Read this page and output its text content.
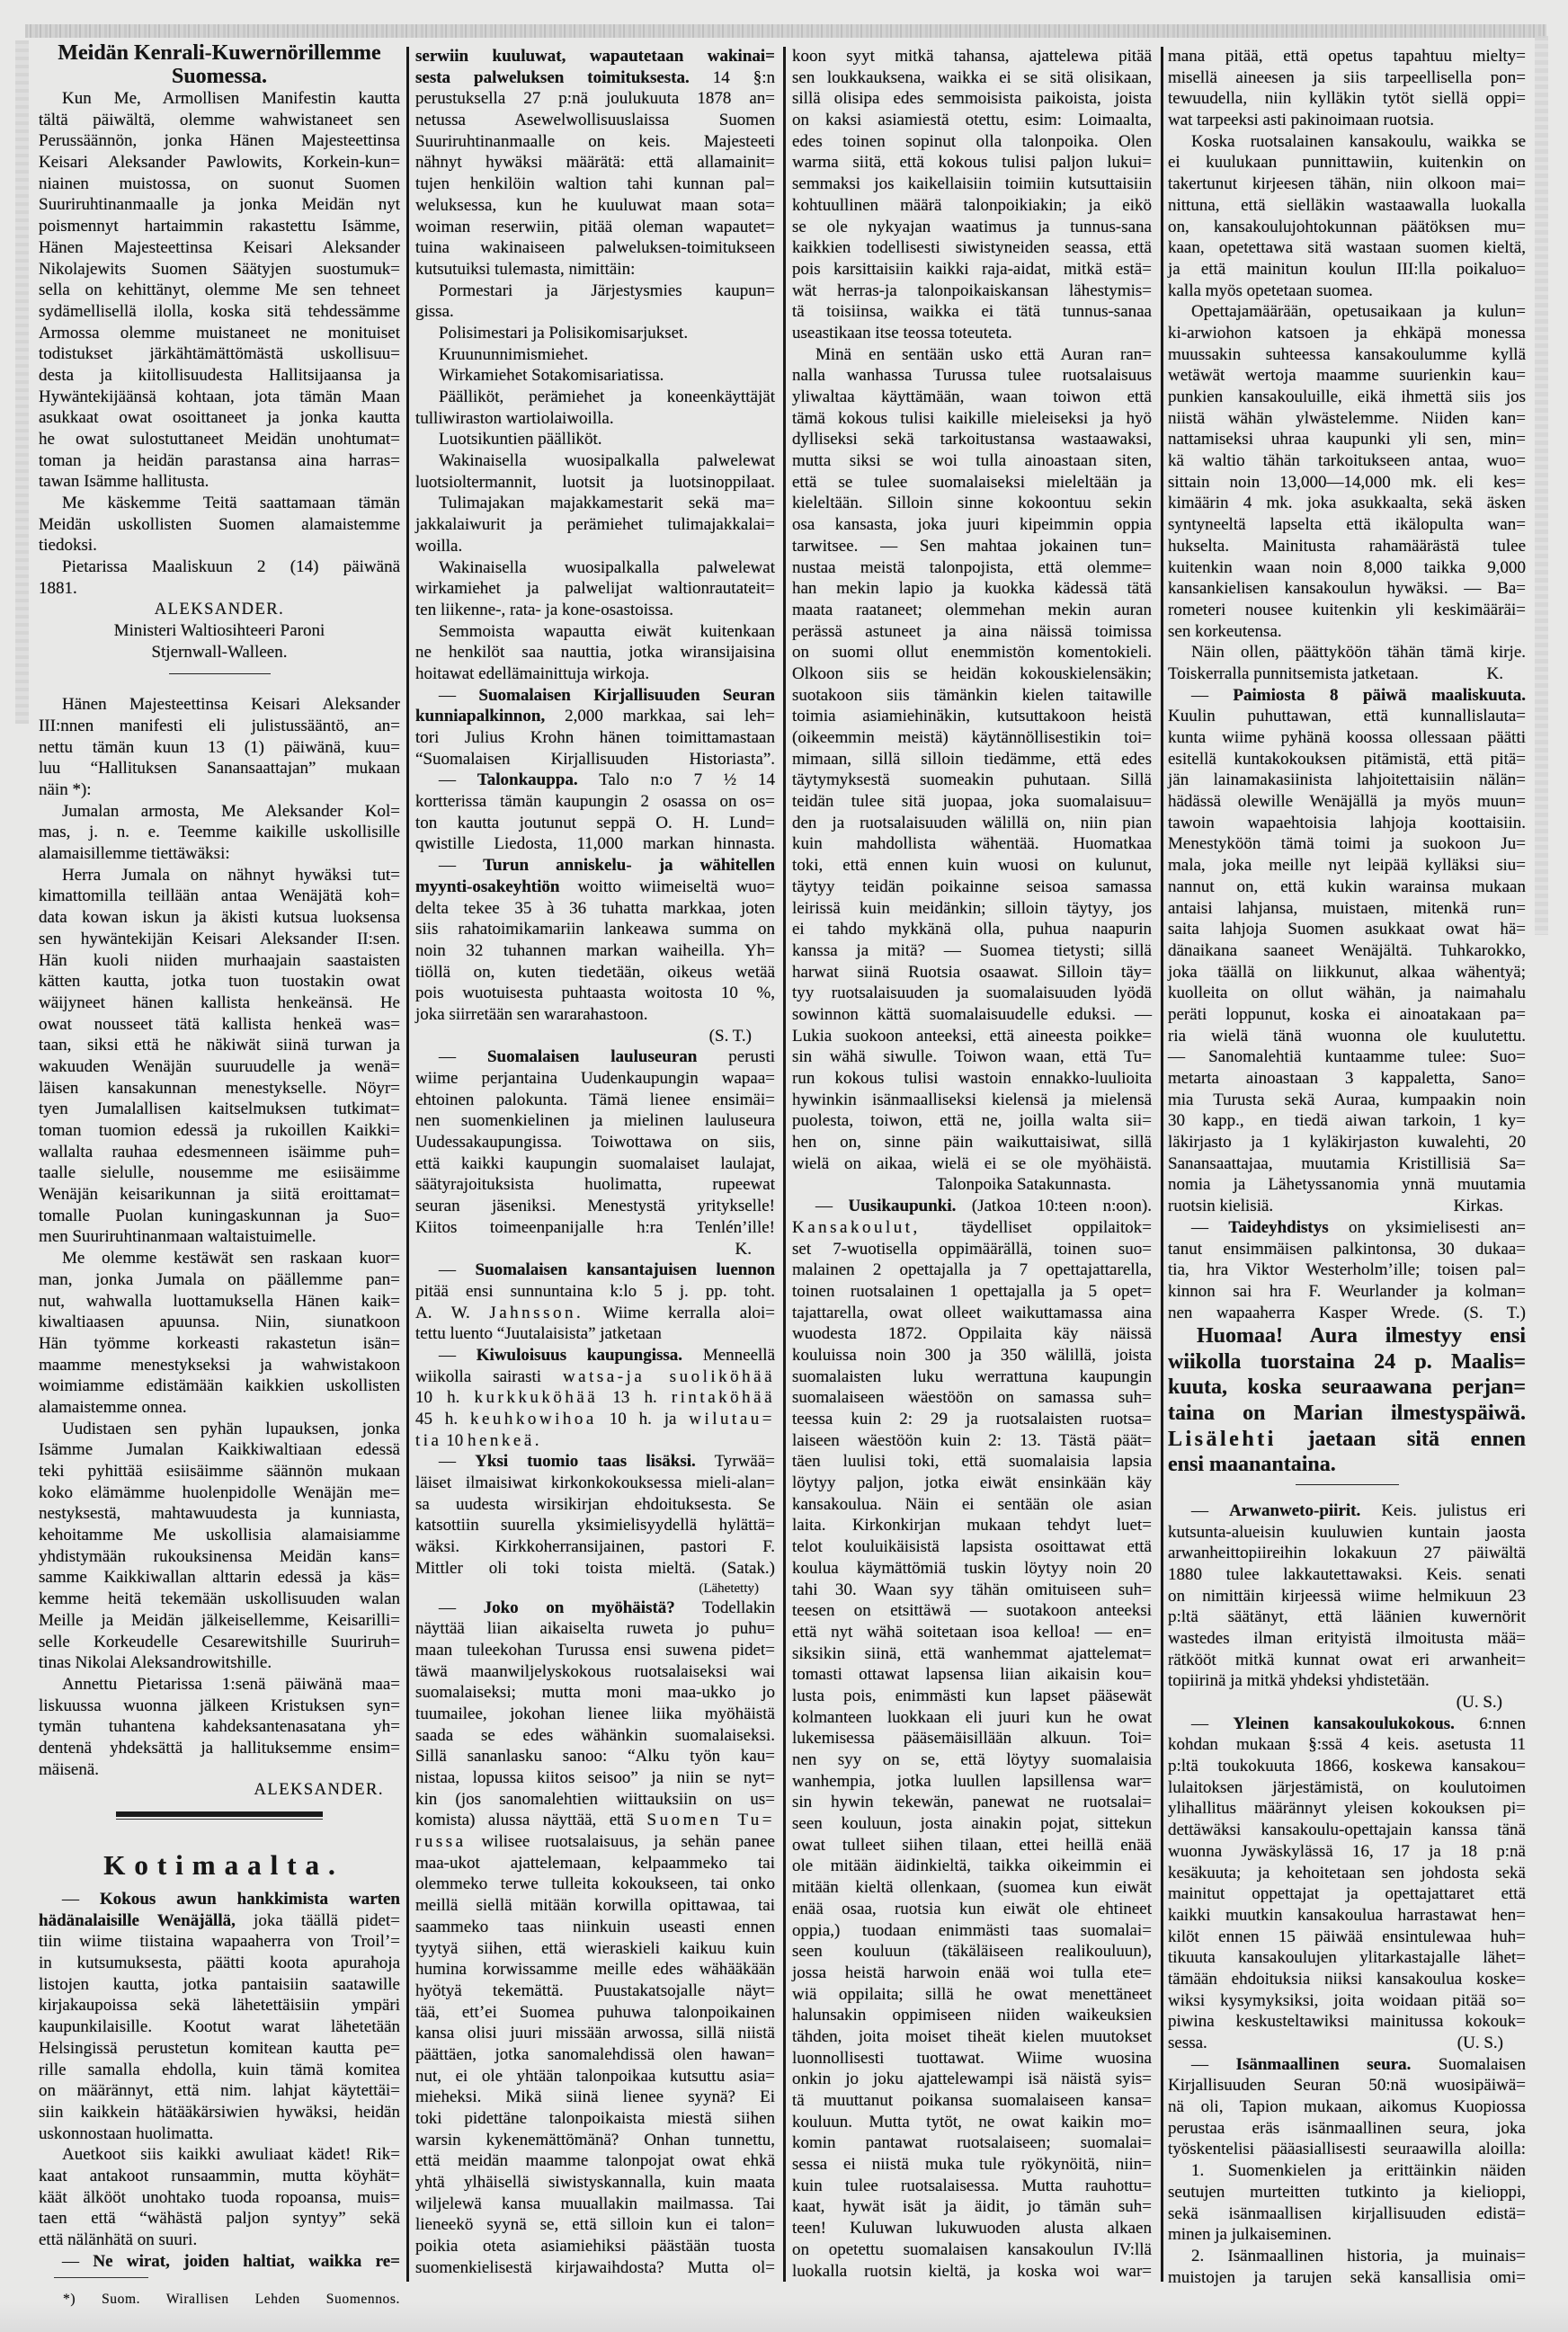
Meidän Kenrali-Kuwernörillemme
Suomessa.
Kun Me, Armollisen Manifestin kautta
tältä päiwältä, olemme wahwistaneet sen
Perussäännön, jonka Hänen Majesteettinsa
Keisari Aleksander Pawlowits, Korkein-kun=
niainen muistossa, on suonut Suomen
Suuriruhtinanmaalle ja jonka Meidän nyt
poismennyt hartaimmin rakastettu Isämme,
Hänen Majesteettinsa Keisari Aleksander
Nikolajewits Suomen Säätyjen suostumuk=
sella on kehittänyt, olemme Me sen tehneet
sydämellisellä ilolla, koska sitä tehdessämme
Armossa olemme muistaneet ne monituiset
todistukset järkähtämättömästä uskollisuu=
desta ja kiitollisuudesta Hallitsijaansa ja
Hywäntekijäänsä kohtaan, jota tämän Maan
asukkaat owat osoittaneet ja jonka kautta
he owat sulostuttaneet Meidän unohtumat=
toman ja heidän parastansa aina harras=
tawan Isämme hallitusta.
Me käskemme Teitä saattamaan tämän
Meidän uskollisten Suomen alamaistemme
tiedoksi.
Pietarissa Maaliskuun 2 (14) päiwänä
1881.
ALEKSANDER.
Ministeri Waltiosihteeri Paroni
Stjernwall-Walleen.
Hänen Majesteettinsa Keisari Aleksander
III:nnen manifesti eli julistussääntö, an=
nettu tämän kuun 13 (1) päiwänä, kuu=
luu “Hallituksen Sanansaattajan” mukaan
näin *):
Jumalan armosta, Me Aleksander Kol=
mas, j. n. e. Teemme kaikille uskollisille
alamaisillemme tiettäwäksi:
Herra Jumala on nähnyt hywäksi tut=
kimattomilla teillään antaa Wenäjätä koh=
data kowan iskun ja äkisti kutsua luoksensa
sen hywäntekijän Keisari Aleksander II:sen.
Hän kuoli niiden murhaajain saastaisten
kätten kautta, jotka tuon tuostakin owat
wäijyneet hänen kallista henkeänsä. He
owat nousseet tätä kallista henkeä was=
taan, siksi että he näkiwät siinä turwan ja
wakuuden Wenäjän suuruudelle ja wenä=
läisen kansakunnan menestykselle. Nöyr=
tyen Jumalallisen kaitselmuksen tutkimat=
toman tuomion edessä ja rukoillen Kaikki=
wallalta rauhaa edesmenneen isäimme puh=
taalle sielulle, nousemme me esiisäimme
Wenäjän keisarikunnan ja siitä eroittamat=
tomalle Puolan kuningaskunnan ja Suo=
men Suuriruhtinanmaan waltaistuimelle.
Me olemme kestäwät sen raskaan kuor=
man, jonka Jumala on päällemme pan=
nut, wahwalla luottamuksella Hänen kaik=
kiwaltiaasen apuunsa. Niin, siunatkoon
Hän työmme korkeasti rakastetun isän=
maamme menestykseksi ja wahwistakoon
woimiamme edistämään kaikkien uskollisten
alamaistemme onnea.
Uudistaen sen pyhän lupauksen, jonka
Isämme Jumalan Kaikkiwaltiaan edessä
teki pyhittää esiisäimme säännön mukaan
koko elämämme huolenpidolle Wenäjän me=
nestyksestä, mahtawuudesta ja kunniasta,
kehoitamme Me uskollisia alamaisiamme
yhdistymään rukouksinensa Meidän kans=
samme Kaikkiwallan alttarin edessä ja käs=
kemme heitä tekemään uskollisuuden walan
Meille ja Meidän jälkeisellemme, Keisarilli=
selle Korkeudelle Cesarewitshille Suuriruh=
tinas Nikolai Aleksandrowitshille.
Annettu Pietarissa 1:senä päiwänä maa=
liskuussa wuonna jälkeen Kristuksen syn=
tymän tuhantena kahdeksantenasatana yh=
dentenä yhdeksättä ja hallituksemme ensim=
mäisenä.
ALEKSANDER.
Kotimaalta.
— Kokous awun hankkimista warten
hädänalaisille Wenäjällä, joka täällä pidet=
tiin wiime tiistaina wapaaherra von Troil’=
in kutsumuksesta, päätti koota apurahoja
listojen kautta, jotka pantaisiin saatawille
kirjakaupoissa sekä lähetettäisiin ympäri
kaupunkilaisille. Kootut warat lähetetään
Helsingissä perustetun komitean kautta pe=
rille samalla ehdolla, kuin tämä komitea
on määrännyt, että nim. lahjat käytettäi=
siin kaikkein hätääkärsiwien hywäksi, heidän
uskonnostaan huolimatta.
Auetkoot siis kaikki awuliaat kädet! Rik=
kaat antakoot runsaammin, mutta köyhät=
käät älkööt unohtako tuoda ropoansa, muis=
taen että “wähästä paljon syntyy” sekä
että nälänhätä on suuri.
— Ne wirat, joiden haltiat, waikka re=
*) Suom. Wirallisen Lehden Suomennos.
serwiin kuuluwat, wapautetaan wakinai=
sesta palweluksen toimituksesta. 14 §:n
perustuksella 27 p:nä joulukuuta 1878 an=
netussa Asewelwollisuuslaissa Suomen
Suuriruhtinanmaalle on keis. Majesteeti
nähnyt hywäksi määrätä: että allamainit=
tujen henkilöin waltion tahi kunnan pal=
weluksessa, kun he kuuluwat maan sota=
woiman reserwiin, pitää oleman wapautet=
tuina wakinaiseen palweluksen-toimitukseen
kutsutuiksi tulemasta, nimittäin:
Pormestari ja Järjestysmies kaupun=
gissa.
Polisimestari ja Polisikomisarjukset.
Kruununnimismiehet.
Wirkamiehet Sotakomisariatissa.
Päälliköt, perämiehet ja koneenkäyttäjät
tulliwiraston wartiolaiwoilla.
Luotsikuntien päälliköt.
Wakinaisella wuosipalkalla palwelewat
luotsioltermannit, luotsit ja luotsinoppilaat.
Tulimajakan majakkamestarit sekä ma=
jakkalaiwurit ja perämiehet tulimajakkalai=
woilla.
Wakinaisella wuosipalkalla palwelewat
wirkamiehet ja palwelijat waltionrautateit=
ten liikenne-, rata- ja kone-osastoissa.
Semmoista wapautta eiwät kuitenkaan
ne henkilöt saa nauttia, jotka wiransijaisina
hoitawat edellämainittuja wirkoja.
— Suomalaisen Kirjallisuuden Seuran
kunniapalkinnon, 2,000 markkaa, sai leh=
tori Julius Krohn hänen toimittamastaan
“Suomalaisen Kirjallisuuden Historiasta”.
— Talonkauppa. Talo n:o 7 ½ 14
kortterissa tämän kaupungin 2 osassa on os=
ton kautta joutunut seppä O. H. Lund=
qwistille Liedosta, 11,000 markan hinnasta.
— Turun anniskelu- ja wähitellen
myynti-osakeyhtiön woitto wiimeiseltä wuo=
delta tekee 35 à 36 tuhatta markkaa, joten
siis rahatoimikamariin lankeawa summa on
noin 32 tuhannen markan waiheilla. Yh=
tiöllä on, kuten tiedetään, oikeus wetää
pois wuotuisesta puhtaasta woitosta 10 %,
joka siirretään sen wararahastoon.
(S. T.)
— Suomalaisen lauluseuran perusti
wiime perjantaina Uudenkaupungin wapaa=
ehtoinen palokunta. Tämä lienee ensimäi=
nen suomenkielinen ja mielinen lauluseura
Uudessakaupungissa. Toiwottawa on siis,
että kaikki kaupungin suomalaiset laulajat,
säätyrajoituksista huolimatta, rupeewat
seuran jäseniksi. Menestystä yritykselle!
Kiitos toimeenpanijalle h:ra Tenlén’ille!
K.
— Suomalaisen kansantajuisen luennon
pitää ensi sunnuntaina k:lo 5 j. pp. toht.
A. W. Jahnsson. Wiime kerralla aloi=
tettu luento “Juutalaisista” jatketaan
— Kiwuloisuus kaupungissa. Menneellä
wiikolla sairasti watsa-ja suoliköhää
10 h. kurkkuköhää 13 h. rintaköhää
45 h. keuhkowihoa 10 h. ja wilutau=
tia 10 henkeä.
— Yksi tuomio taas lisäksi. Tyrwää=
läiset ilmaisiwat kirkonkokouksessa mieli-alan=
sa uudesta wirsikirjan ehdoituksesta. Se
katsottiin suurella yksimielisyydellä hylättä=
wäksi. Kirkkoherransijainen, pastori F.
Mittler oli toki toista mieltä. (Satak.)
(Lähetetty)
— Joko on myöhäistä? Todellakin
näyttää liian aikaiselta ruweta jo puhu=
maan tuleekohan Turussa ensi suwena pidet=
täwä maanwiljelyskokous ruotsalaiseksi wai
suomalaiseksi; mutta moni maa-ukko jo
tuumailee, jokohan lienee liika myöhäistä
saada se edes wähänkin suomalaiseksi.
Sillä sananlasku sanoo: “Alku työn kau=
nistaa, lopussa kiitos seisoo” ja niin se nyt=
kin (jos sanomalehtien wiittauksiin on us=
komista) alussa näyttää, että Suomen Tu=
russa wilisee ruotsalaisuus, ja sehän panee
maa-ukot ajattelemaan, kelpaammeko tai
olemmeko terwe tulleita kokoukseen, tai onko
meillä siellä mitään korwilla opittawaa, tai
saammeko taas niinkuin useasti ennen
tyytyä siihen, että wieraskieli kaikuu kuin
humina korwissamme meille edes wähääkään
hyötyä tekemättä. Puustakatsojalle näyt=
tää, ett’ei Suomea puhuwa talonpoikainen
kansa olisi juuri missään arwossa, sillä niistä
päättäen, jotka sanomalehdissä olen hawan=
nut, ei ole yhtään talonpoikaa kutsuttu asia=
mieheksi. Mikä siinä lienee syynä? Ei
toki pidettäne talonpoikaista miestä siihen
warsin kykenemättömänä? Onhan tunnettu,
että meidän maamme talonpojat owat ehkä
yhtä ylhäisellä siwistyskannalla, kuin maata
wiljelewä kansa muuallakin mailmassa. Tai
lieneekö syynä se, että silloin kun ei talon=
poikia oteta asiamiehiksi päästään tuosta
suomenkielisestä kirjawaihdosta? Mutta ol=
koon syyt mitkä tahansa, ajattelewa pitää
sen loukkauksena, waikka ei se sitä olisikaan,
sillä olisipa edes semmoisista paikoista, joista
on kaksi asiamiestä otettu, esim: Loimaalta,
edes toinen sopinut olla talonpoika. Olen
warma siitä, että kokous tulisi paljon lukui=
semmaksi jos kaikellaisiin toimiin kutsuttaisiin
kohtuullinen määrä talonpoikiakin; ja eikö
se ole nykyajan waatimus ja tunnus-sana
kaikkien todellisesti siwistyneiden seassa, että
pois karsittaisiin kaikki raja-aidat, mitkä estä=
wät herras-ja talonpoikaiskansan lähestymis=
tä toisiinsa, waikka ei tätä tunnus-sanaa
useastikaan itse teossa toteuteta.
Minä en sentään usko että Auran ran=
nalla wanhassa Turussa tulee ruotsalaisuus
yliwaltaa käyttämään, waan toiwon että
tämä kokous tulisi kaikille mieleiseksi ja hyö
dylliseksi sekä tarkoitustansa wastaawaksi,
mutta siksi se woi tulla ainoastaan siten,
että se tulee suomalaiseksi mieleltään ja
kieleltään. Silloin sinne kokoontuu sekin
osa kansasta, joka juuri kipeimmin oppia
tarwitsee. — Sen mahtaa jokainen tun=
nustaa meistä talonpojista, että olemme=
han mekin lapio ja kuokka kädessä tätä
maata raataneet; olemmehan mekin auran
perässä astuneet ja aina näissä toimissa
on suomi ollut enemmistön komentokieli.
Olkoon siis se heidän kokouskielensäkin;
suotakoon siis tämänkin kielen taitawille
toimia asiamiehinäkin, kutsuttakoon heistä
(oikeemmin meistä) käytännöllisestikin toi=
mimaan, sillä silloin tiedämme, että edes
täytymyksestä suomeakin puhutaan. Sillä
teidän tulee sitä juopaa, joka suomalaisuu=
den ja ruotsalaisuuden wälillä on, niin pian
kuin mahdollista wähentää. Huomatkaa
toki, että ennen kuin wuosi on kulunut,
täytyy teidän poikainne seisoa samassa
leirissä kuin meidänkin; silloin täytyy, jos
ei tahdo mykkänä olla, puhua naapurin
kanssa ja mitä? — Suomea tietysti; sillä
harwat siinä Ruotsia osaawat. Silloin täy=
tyy ruotsalaisuuden ja suomalaisuuden lyödä
sowinnon kättä suomalaisuudelle eduksi. —
Lukia suokoon anteeksi, että aineesta poikke=
sin wähä siwulle. Toiwon waan, että Tu=
run kokous tulisi wastoin ennakko-luulioita
hywinkin isänmaalliseksi kielensä ja mielensä
puolesta, toiwon, että ne, joilla walta sii=
hen on, sinne päin waikuttaisiwat, sillä
wielä on aikaa, wielä ei se ole myöhäistä.
Talonpoika Satakunnasta.
— Uusikaupunki. (Jatkoa 10:teen n:oon).
Kansakoulut, täydelliset oppilaitok=
set 7-wuotisella oppimäärällä, toinen suo=
malainen 2 opettajalla ja 7 opettajattarella,
toinen ruotsalainen 1 opettajalla ja 5 opet=
tajattarella, owat olleet waikuttamassa aina
wuodesta 1872. Oppilaita käy näissä
kouluissa noin 300 ja 350 wälillä, joista
suomalaisten luku werrattuna kaupungin
suomalaiseen wäestöön on samassa suh=
teessa kuin 2: 29 ja ruotsalaisten ruotsa=
laiseen wäestöön kuin 2: 13. Tästä päät=
täen luulisi toki, että suomalaisia lapsia
löytyy paljon, jotka eiwät ensinkään käy
kansakoulua. Näin ei sentään ole asian
laita. Kirkonkirjan mukaan tehdyt luet=
telot kouluikäisistä lapsista osoittawat että
koulua käymättömiä tuskin löytyy noin 20
tahi 30. Waan syy tähän omituiseen suh=
teesen on etsittäwä — suotakoon anteeksi
että nyt wähä soitetaan isoa kelloa! — en=
siksikin siinä, että wanhemmat ajattelemat=
tomasti ottawat lapsensa liian aikaisin kou=
lusta pois, enimmästi kun lapset pääsewät
kolmanteen luokkaan eli juuri kun he owat
lukemisessa pääsemäisillään alkuun. Toi=
nen syy on se, että löytyy suomalaisia
wanhempia, jotka luullen lapsillensa war=
sin hywin tekewän, panewat ne ruotsalai=
seen kouluun, josta ainakin pojat, sittekun
owat tulleet siihen tilaan, ettei heillä enää
ole mitään äidinkieltä, taikka oikeimmin ei
mitään kieltä ollenkaan, (suomea kun eiwät
enää osaa, ruotsia kun eiwät ole ehtineet
oppia,) tuodaan enimmästi taas suomalai=
seen kouluun (täkäläiseen realikouluun),
jossa heistä harwoin enää woi tulla ete=
wiä oppilaita; sillä he owat menettäneet
halunsakin oppimiseen niiden waikeuksien
tähden, joita moiset tiheät kielen muutokset
luonnollisesti tuottawat. Wiime wuosina
onkin jo joku ajattelewampi isä näistä syis=
tä muuttanut poikansa suomalaiseen kansa=
kouluun. Mutta tytöt, ne owat kaikin mo=
komin pantawat ruotsalaiseen; suomalai=
sessa ei niistä muka tule ryökynöitä, niin=
kuin tulee ruotsalaisessa. Mutta rauhottu=
kaat, hywät isät ja äidit, jo tämän suh=
teen! Kuluwan lukuwuoden alusta alkaen
on opetettu suomalaisen kansakoulun IV:llä
luokalla ruotsin kieltä, ja koska woi war=
mana pitää, että opetus tapahtuu mielty=
misellä aineesen ja siis tarpeellisella pon=
tewuudella, niin kylläkin tytöt siellä oppi=
wat tarpeeksi asti pakinoimaan ruotsia.
Koska ruotsalainen kansakoulu, waikka se
ei kuulukaan punnittawiin, kuitenkin on
takertunut kirjeesen tähän, niin olkoon mai=
nittuna, että sielläkin wastaawalla luokalla
on, kansakoulujohtokunnan päätöksen mu=
kaan, opetettawa sitä wastaan suomen kieltä,
ja että mainitun koulun III:lla poikaluo=
kalla myös opetetaan suomea.
Opettajamäärään, opetusaikaan ja kulun=
ki-arwiohon katsoen ja ehkäpä monessa
muussakin suhteessa kansakoulumme kyllä
wetäwät wertoja maamme suurienkin kau=
punkien kansakouluille, eikä ihmettä siis jos
niistä wähän ylwästelemme. Niiden kan=
nattamiseksi uhraa kaupunki yli sen, min=
kä waltio tähän tarkoitukseen antaa, wuo=
sittain noin 13,000—14,000 mk. eli kes=
kimäärin 4 mk. joka asukkaalta, sekä äsken
syntyneeltä lapselta että ikälopulta wan=
hukselta. Mainitusta rahamäärästä tulee
kuitenkin waan noin 8,000 taikka 9,000
kansankielisen kansakoulun hywäksi. — Ba=
rometeri nousee kuitenkin yli keskimääräi=
sen korkeutensa.
Näin ollen, päättyköön tähän tämä kirje.
Toiskerralla punnitsemista jatketaan.	K.
— Paimiosta 8 päiwä maaliskuuta.
Kuulin puhuttawan, että kunnallislauta=
kunta wiime pyhänä koossa ollessaan päätti
esitellä kuntakokouksen pitämistä, että pitä=
jän lainamakasiinista lahjoitettaisiin nälän=
hädässä olewille Wenäjällä ja myös muun=
tawoin wapaehtoisia lahjoja koottaisiin.
Menestyköön tämä toimi ja suokoon Ju=
mala, joka meille nyt leipää kylläksi siu=
nannut on, että kukin warainsa mukaan
antaisi lahjansa, muistaen, mitenkä run=
saita lahjoja Suomen asukkaat owat hä=
dänaikana saaneet Wenäjältä. Tuhkarokko,
joka täällä on liikkunut, alkaa wähentyä;
kuolleita on ollut wähän, ja naimahalu
peräti loppunut, koska ei ainoatakaan pa=
ria wielä tänä wuonna ole kuulutettu.
— Sanomalehtiä kuntaamme tulee: Suo=
metarta ainoastaan 3 kappaletta, Sano=
mia Turusta sekä Auraa, kumpaakin noin
30 kapp., en tiedä aiwan tarkoin, 1 ky=
läkirjasto ja 1 kyläkirjaston kuwalehti, 20
Sanansaattajaa, muutamia Kristillisiä Sa=
nomia ja Lähetyssanomia ynnä muutamia
ruotsin kielisiä.	Kirkas.
— Taideyhdistys on yksimielisesti an=
tanut ensimmäisen palkintonsa, 30 dukaa=
tia, hra Viktor Westerholm’ille; toisen pal=
kinnon sai hra F. Weurlander ja kolman=
nen wapaaherra Kasper Wrede. (S. T.)
Huomaa! Aura ilmestyy ensi
wiikolla tuorstaina 24 p. Maalis=
kuuta, koska seuraawana perjan=
taina on Marian ilmestyspäiwä.
Lisälehti jaetaan sitä ennen
ensi maanantaina.
— Arwanweto-piirit. Keis. julistus eri
kutsunta-alueisin kuuluwien kuntain jaosta
arwanheittopiireihin lokakuun 27 päiwältä
1880 tulee lakkautettawaksi. Keis. senati
on nimittäin kirjeessä wiime helmikuun 23
p:ltä säätänyt, että läänien kuwernörit
wastedes ilman erityistä ilmoitusta mää=
rätkööt mitkä kunnat owat eri arwanheit=
topiirinä ja mitkä yhdeksi yhdistetään.
(U. S.)
— Yleinen kansakoulukokous. 6:nnen
kohdan mukaan §:ssä 4 keis. asetusta 11
p:ltä toukokuuta 1866, koskewa kansakou=
lulaitoksen järjestämistä, on koulutoimen
ylihallitus määrännyt yleisen kokouksen pi=
dettäwäksi kansakoulu-opettajain kanssa tänä
wuonna Jywäskylässä 16, 17 ja 18 p:nä
kesäkuuta; ja kehoitetaan sen johdosta sekä
mainitut oppettajat ja opettajattaret että
kaikki muutkin kansakoulua harrastawat hen=
kilöt ennen 15 päiwää ensintulewaa huh=
tikuuta kansakoulujen ylitarkastajalle lähet=
tämään ehdoituksia niiksi kansakoulua koske=
wiksi kysymyksiksi, joita woidaan pitää so=
piwina keskusteltawiksi mainitussa kokouk=
sessa.	(U. S.)
— Isänmaallinen seura. Suomalaisen
Kirjallisuuden Seuran 50:nä wuosipäiwä=
nä oli, Tapion mukaan, aikomus Kuopiossa
perustaa eräs isänmaallinen seura, joka
työskentelisi pääasiallisesti seuraawilla aloilla:
1. Suomenkielen ja erittäinkin näiden
seutujen murteitten tutkinto ja kielioppi,
sekä isänmaallisen kirjallisuuden edistä=
minen ja julkaiseminen.
2. Isänmaallinen historia, ja muinais=
muistojen ja tarujen sekä kansallisia omi=
